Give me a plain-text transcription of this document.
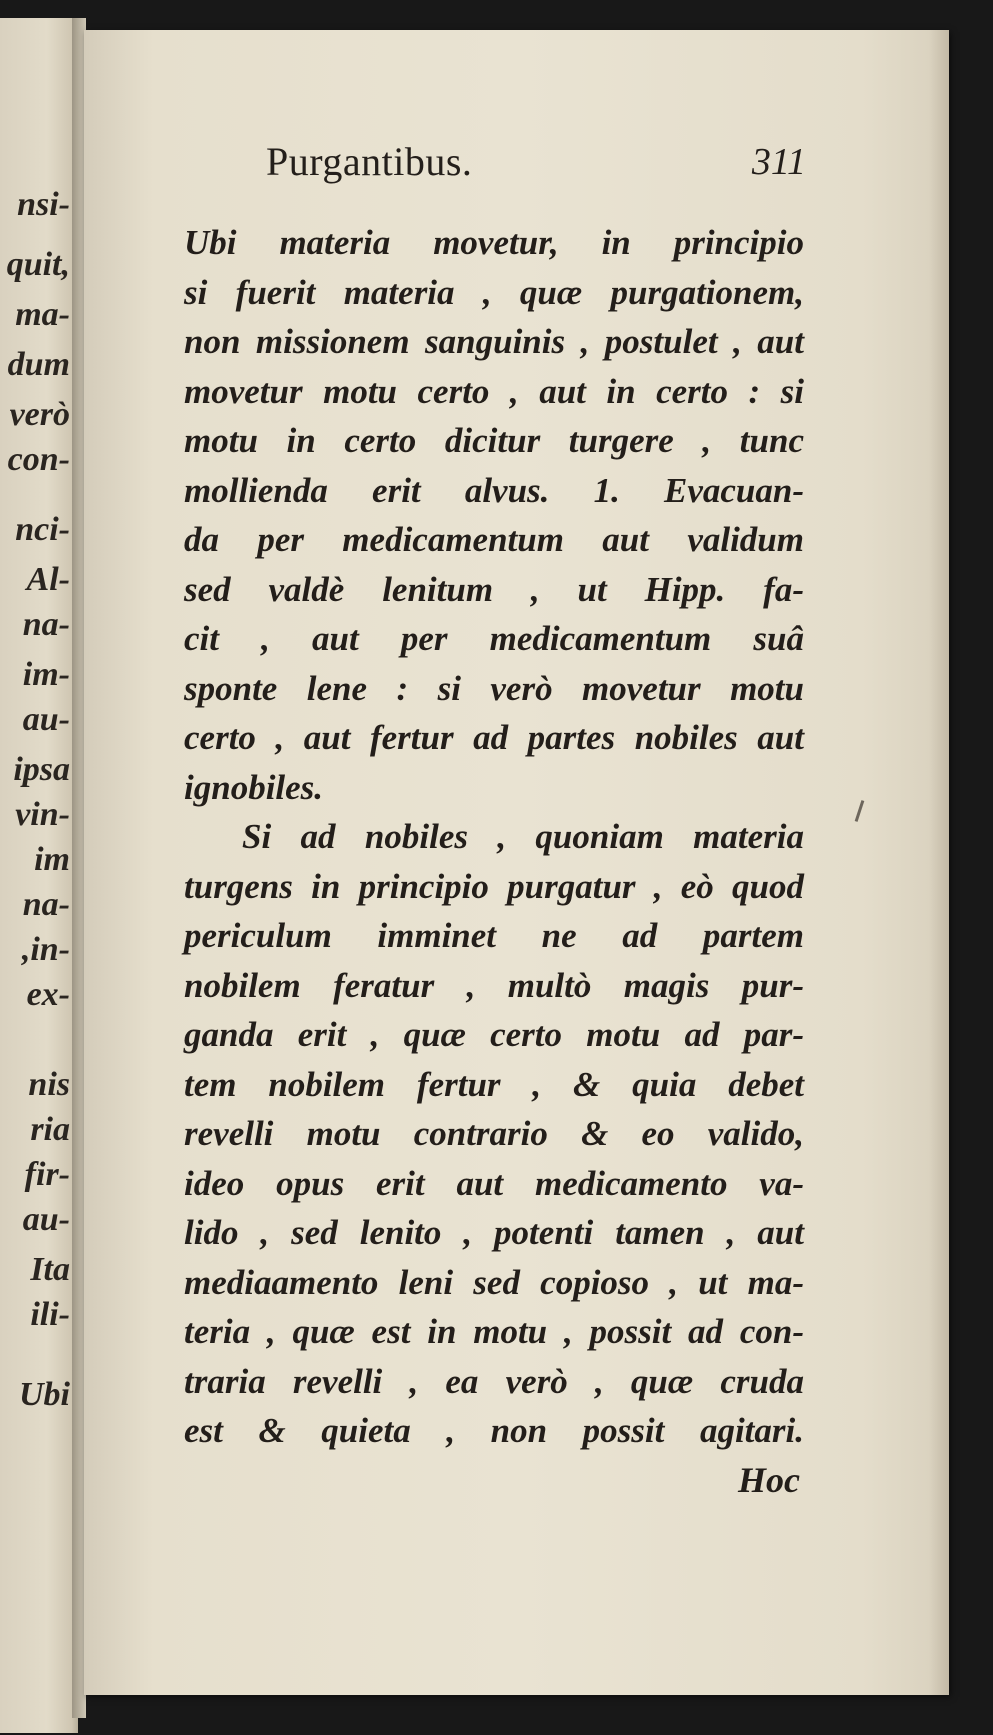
nsi-
quit,
ma-
dum
verò
con-
nci-
Al-
na-
im-
au-
ipsa
vin-
im
na-
,in-
ex-
nis
ria
fir-
au-
Ita
ili-
Ubi
Purgantibus.	311
Ubi materia movetur, in principio
si fuerit materia , quæ purgationem,
non missionem sanguinis , postulet , aut
movetur motu certo , aut in certo : si
motu in certo dicitur turgere , tunc
mollienda erit alvus. 1. Evacuan-
da per medicamentum aut validum
sed valdè lenitum , ut Hipp. fa-
cit , aut per medicamentum suâ
sponte lene : si verò movetur motu
certo , aut fertur ad partes nobiles aut
ignobiles.
Si ad nobiles , quoniam materia
turgens in principio purgatur , eò quod
periculum imminet ne ad partem
nobilem feratur , multò magis pur-
ganda erit , quæ certo motu ad par-
tem nobilem fertur , & quia debet
revelli motu contrario & eo valido,
ideo opus erit aut medicamento va-
lido , sed lenito , potenti tamen , aut
mediaamento leni sed copioso , ut ma-
teria , quæ est in motu , possit ad con-
traria revelli , ea verò , quæ cruda
est & quieta , non possit agitari.
Hoc
